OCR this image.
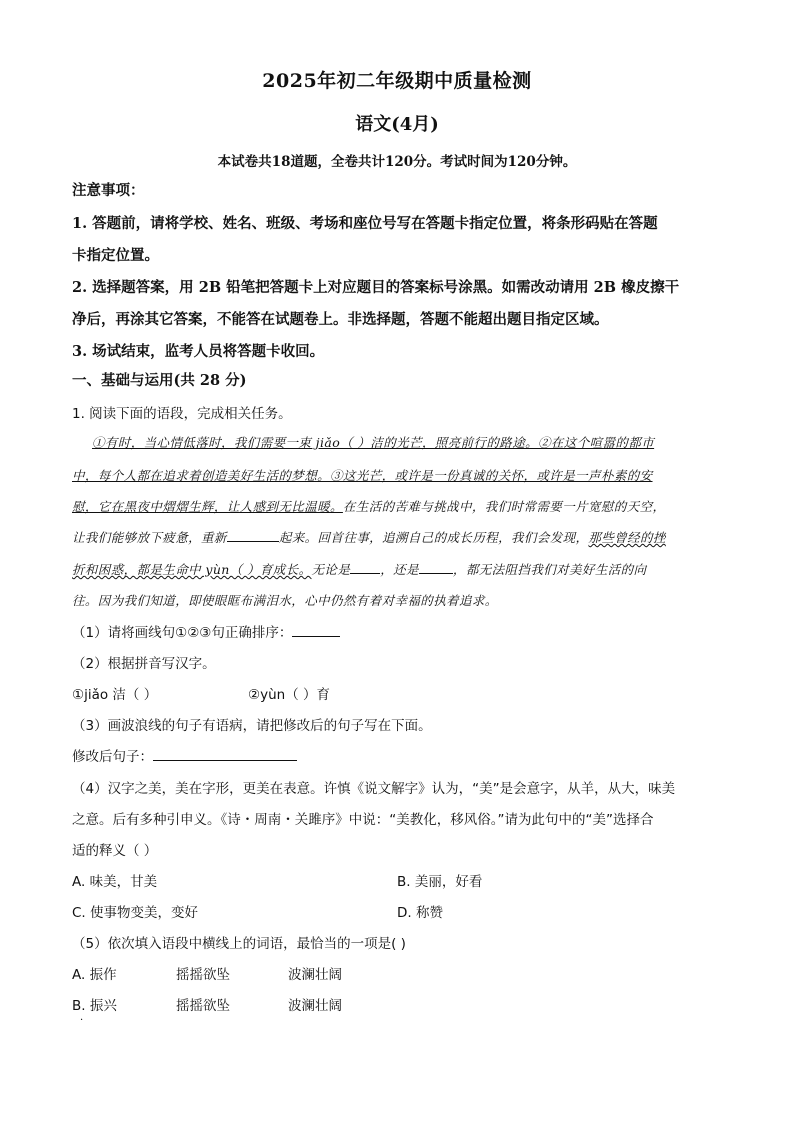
2025年初二年级期中质量检测
语文(4月)
本试卷共18道题，全卷共计120分。考试时间为120分钟。
注意事项：
1. 答题前，请将学校、姓名、班级、考场和座位号写在答题卡指定位置，将条形码贴在答题
卡指定位置。
2. 选择题答案，用 2B 铅笔把答题卡上对应题目的答案标号涂黑。如需改动请用 2B 橡皮擦干
净后，再涂其它答案，不能答在试题卷上。非选择题，答题不能超出题目指定区域。
3. 场试结束，监考人员将答题卡收回。
一、基础与运用(共 28 分)
1. 阅读下面的语段，完成相关任务。
①有时，当心情低落时，我们需要一束 jiǎo（ ）洁的光芒，照亮前行的路途。②在这个喧嚣的都市
中，每个人都在追求着创造美好生活的梦想。③这光芒，或许是一份真诚的关怀，或许是一声朴素的安
慰，它在黑夜中熠熠生辉，让人感到无比温暖。在生活的苦难与挑战中，我们时常需要一片宽慰的天空，
让我们能够放下疲惫，重新	起来。回首往事，追溯自己的成长历程，我们会发现，那些曾经的挫
折和困惑，都是生命中 yùn（ ）育成长。无论是 ，还是	，都无法阻挡我们对美好生活的向
往。因为我们知道，即使眼眶布满泪水，心中仍然有着对幸福的执着追求。
（1）请将画线句①②③句正确排序：
（2）根据拼音写汉字。
①jiǎo 洁（ ）	②yùn（ ）育
（3）画波浪线的句子有语病，请把修改后的句子写在下面。
修改后句子：
（4）汉字之美，美在字形，更美在表意。许慎《说文解字》认为，“美”是会意字，从羊，从大，味美
之意。后有多种引申义。《诗・周南・关雎序》中说：“美教化，移风俗。”请为此句中的“美”选择合
适的释义（ ）
A. 味美，甘美	B. 美丽，好看
C. 使事物变美，变好	D. 称赞
（5）依次填入语段中横线上的词语，最恰当的一项是( )
A. 振作	摇摇欲坠	波澜壮阔
B. 振兴	摇摇欲坠	波澜壮阔
·
